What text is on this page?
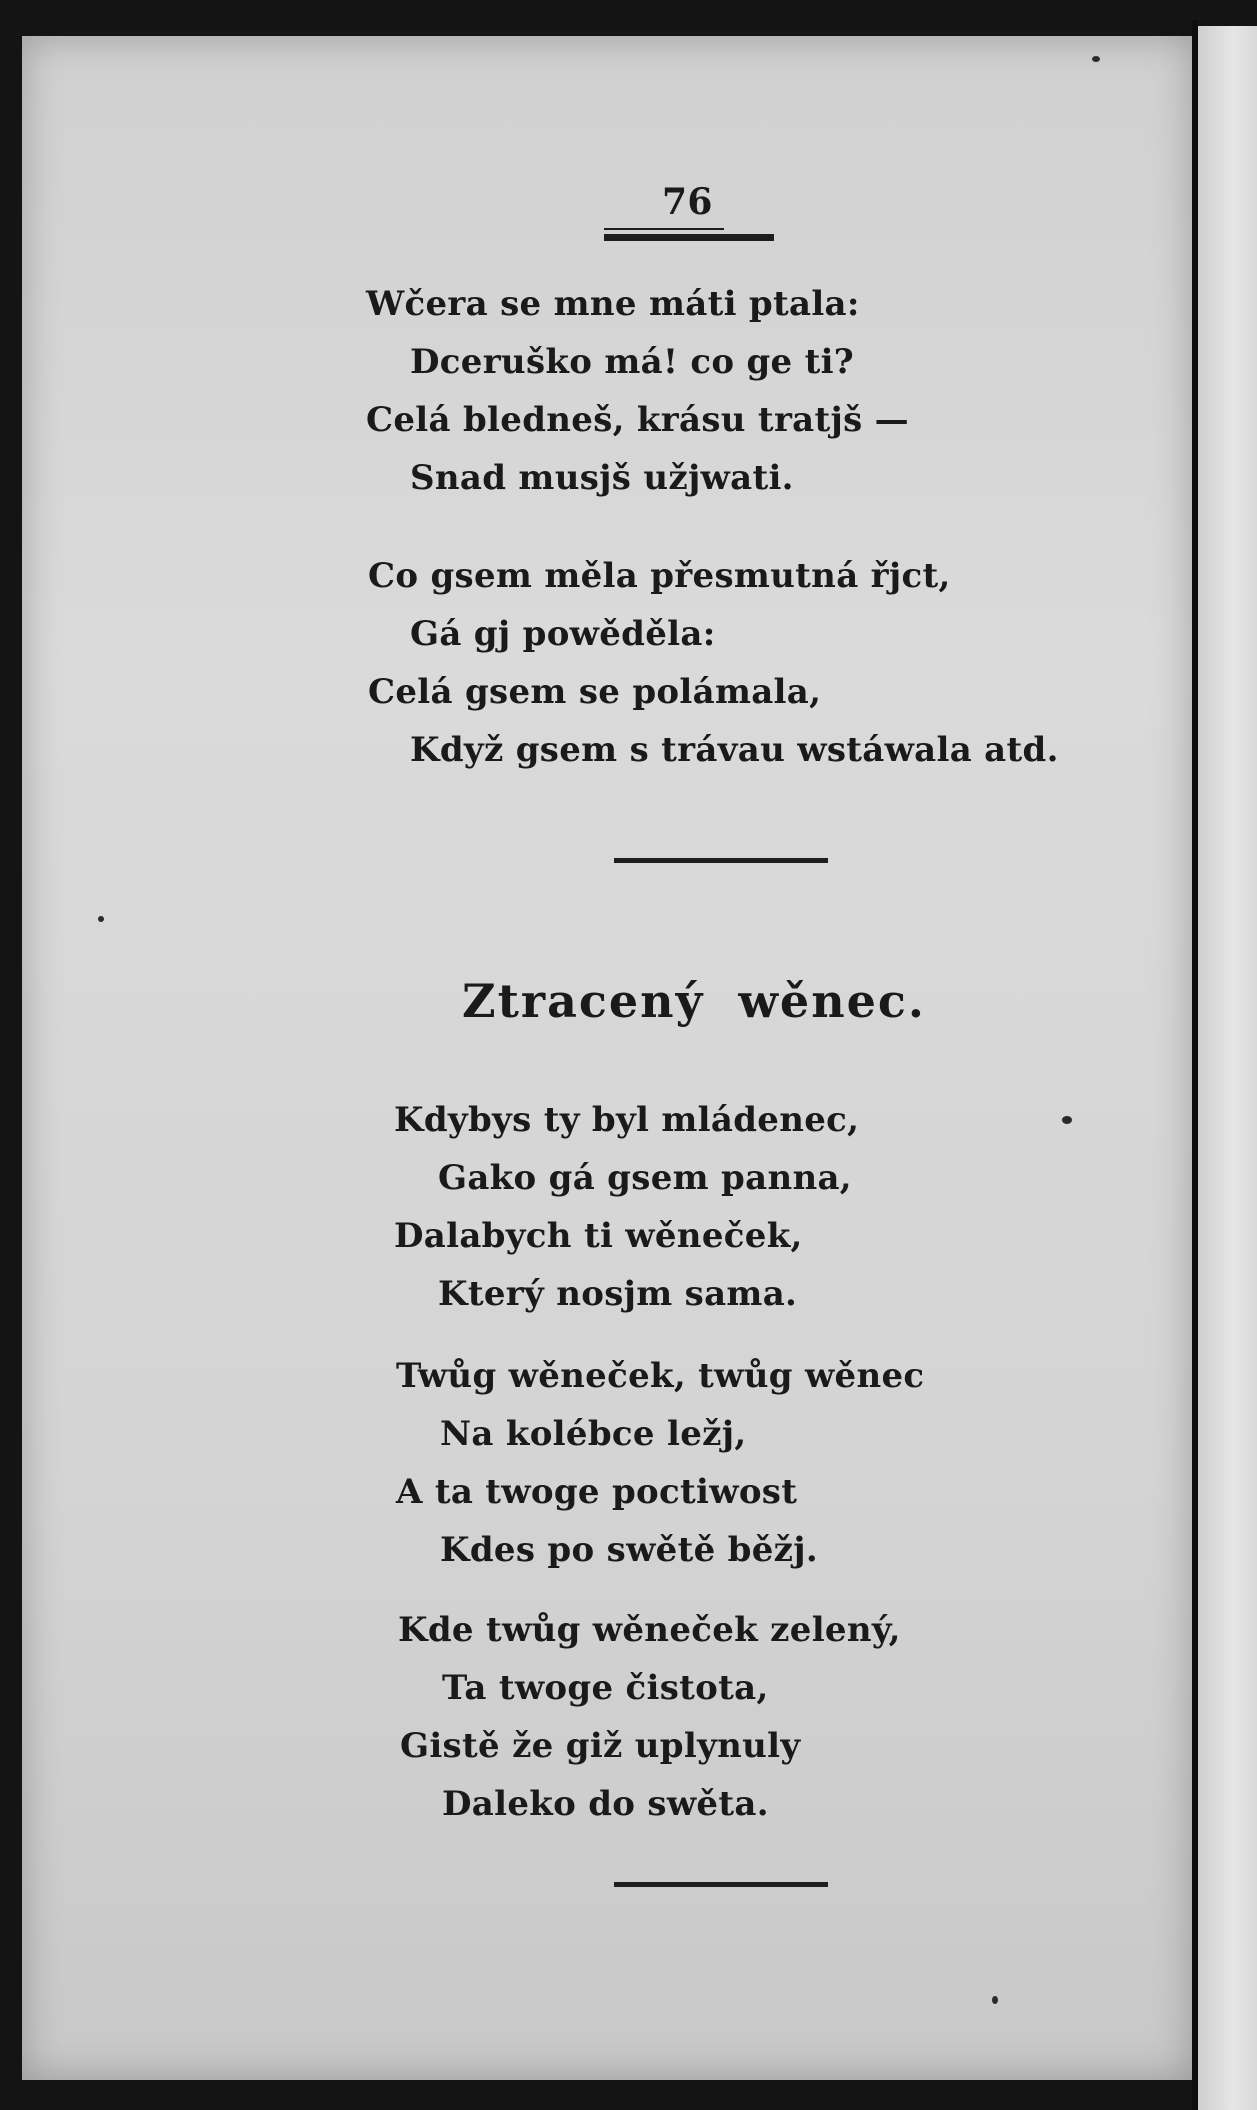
76
Wčera se mne máti ptala:
Dceruško má! co ge ti?
Celá bledneš, krásu tratjš —
Snad musjš užjwati.
Co gsem měla přesmutná řjct,
Gá gj powěděla:
Celá gsem se polámala,
Když gsem s trávau wstáwala atd.
Ztracený wěnec.
Kdybys ty byl mládenec,
Gako gá gsem panna,
Dalabych ti wěneček,
Který nosjm sama.
Twůg wěneček, twůg wěnec
Na kolébce ležj,
A ta twoge poctiwost
Kdes po swětě běžj.
Kde twůg wěneček zelený,
Ta twoge čistota,
Gistě že giž uplynuly
Daleko do swěta.
